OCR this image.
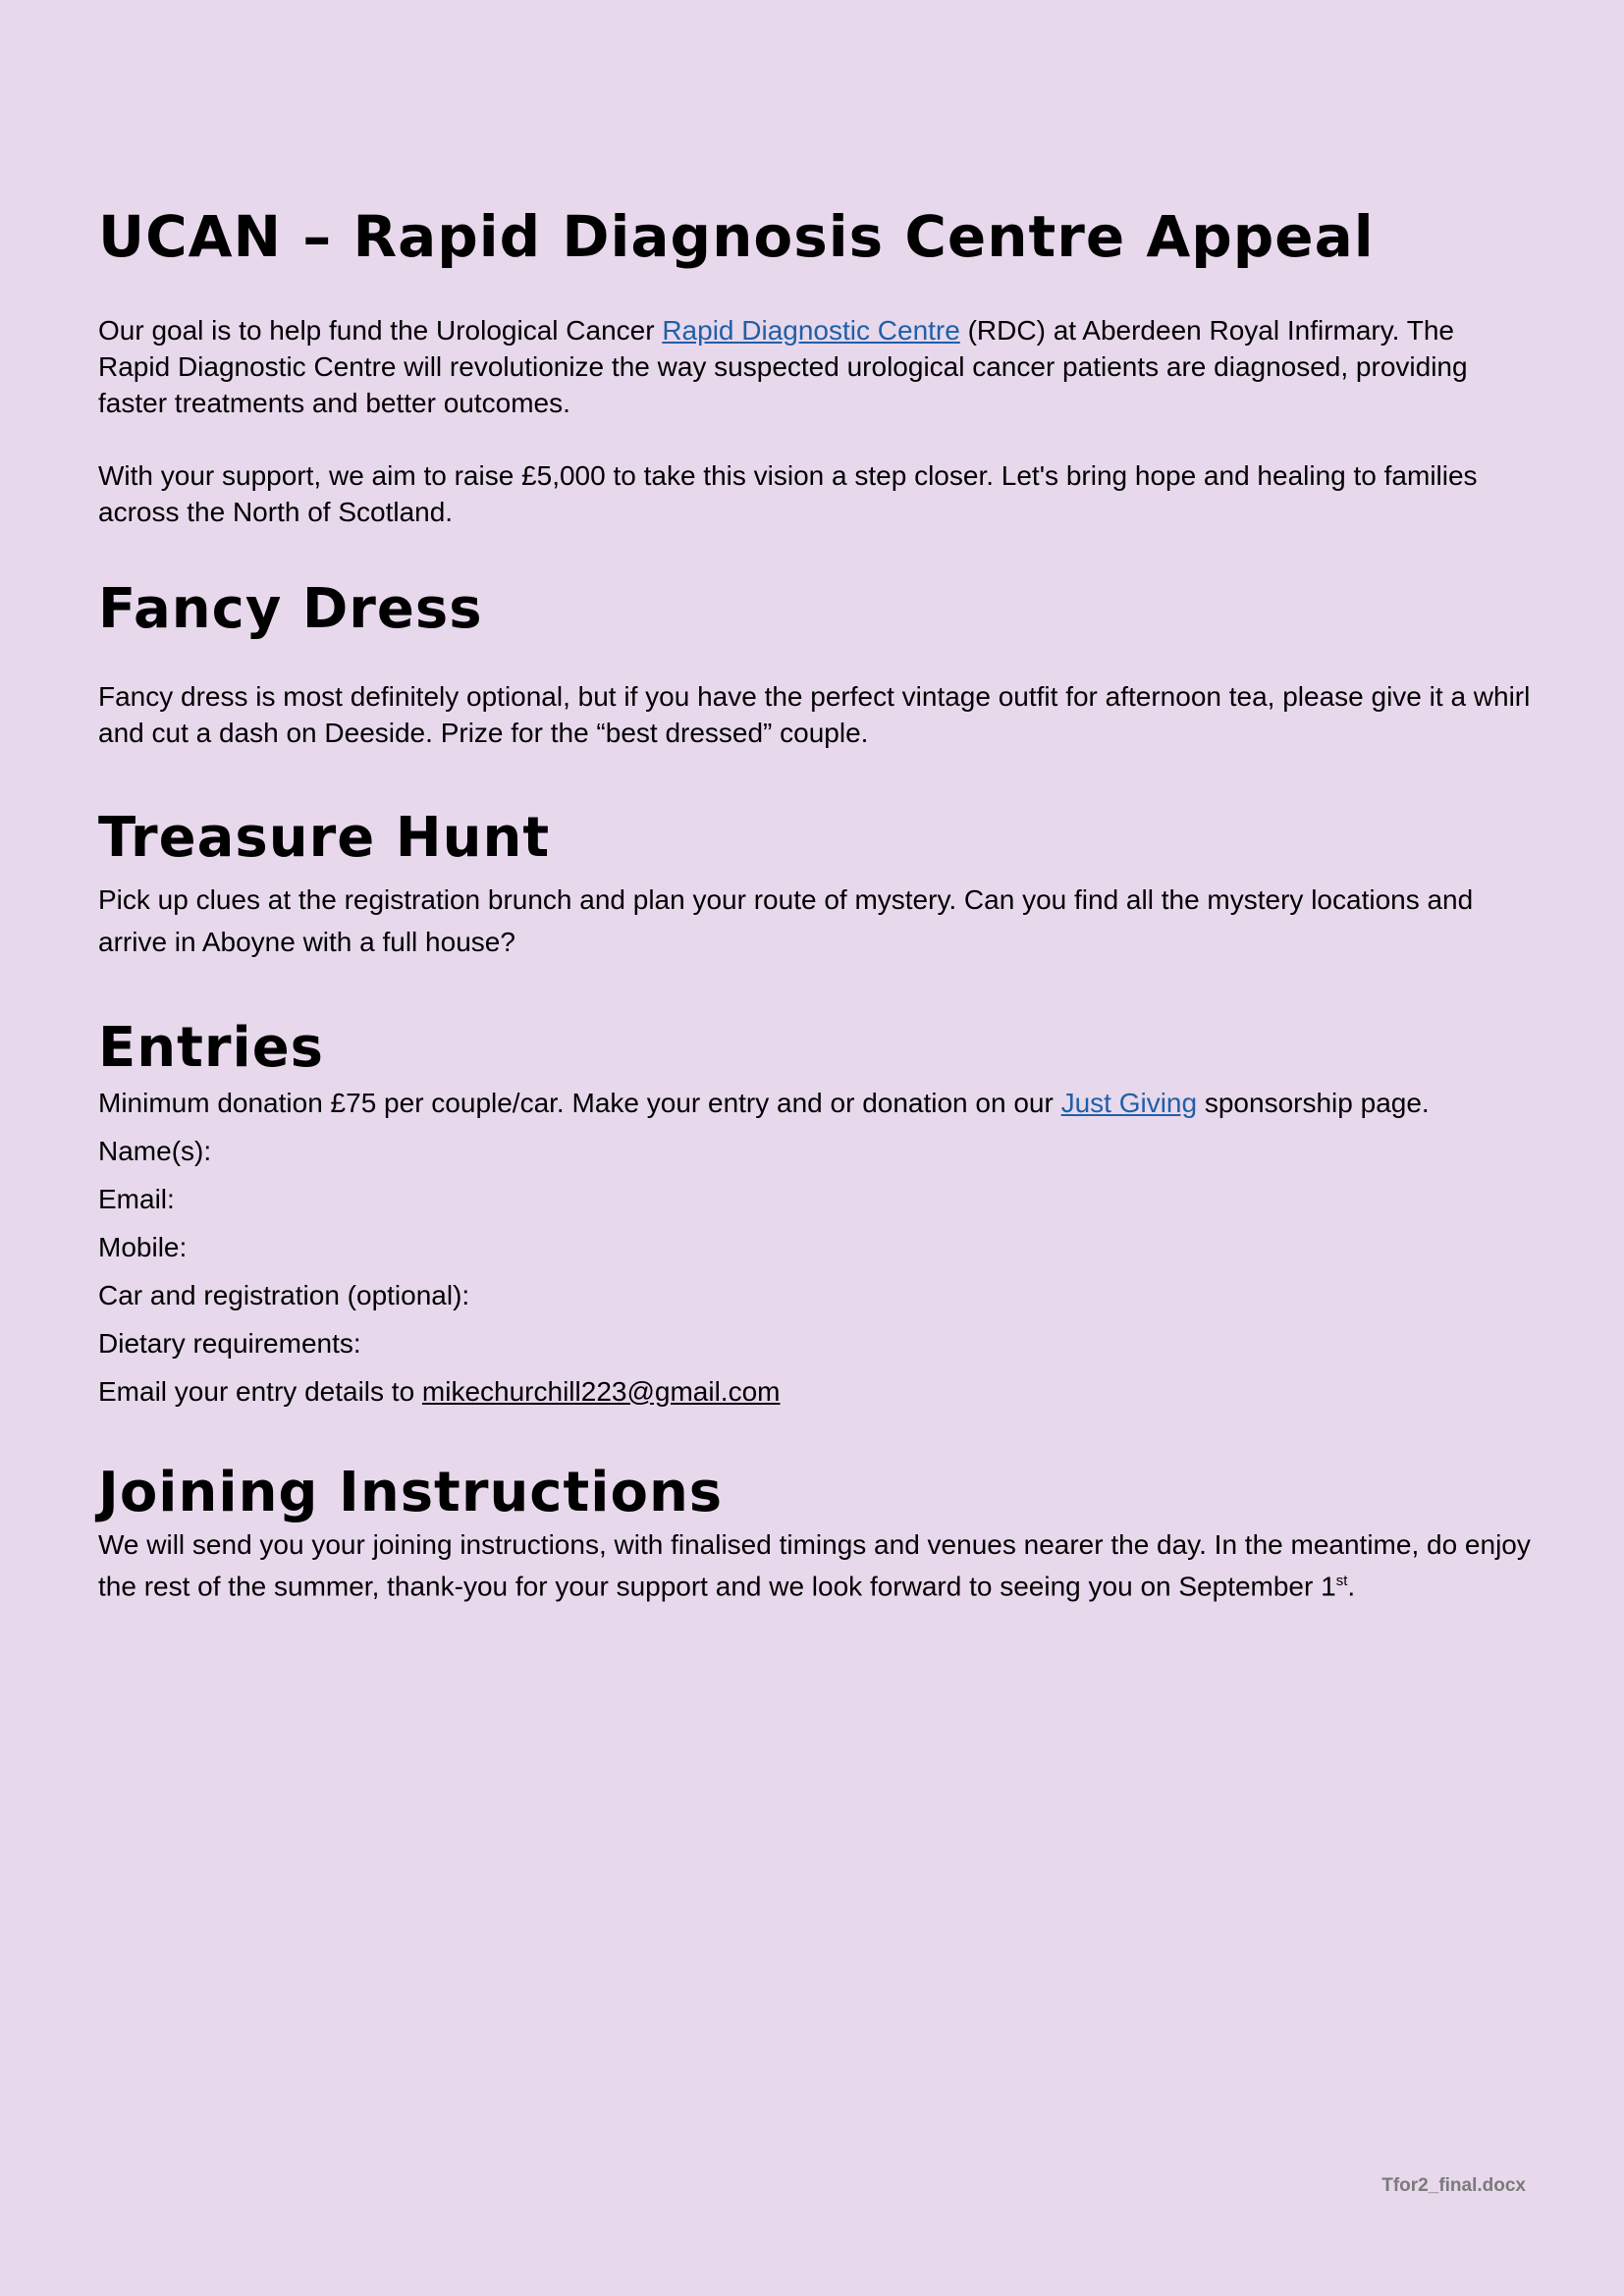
UCAN – Rapid Diagnosis Centre Appeal

Our goal is to help fund the Urological Cancer Rapid Diagnostic Centre (RDC) at Aberdeen Royal Infirmary. The Rapid Diagnostic Centre will revolutionize the way suspected urological cancer patients are diagnosed, providing faster treatments and better outcomes.

With your support, we aim to raise £5,000 to take this vision a step closer. Let's bring hope and healing to families across the North of Scotland.

Fancy Dress

Fancy dress is most definitely optional, but if you have the perfect vintage outfit for afternoon tea, please give it a whirl and cut a dash on Deeside. Prize for the “best dressed” couple.

Treasure Hunt

Pick up clues at the registration brunch and plan your route of mystery. Can you find all the mystery locations and arrive in Aboyne with a full house?

Entries

Minimum donation £75 per couple/car. Make your entry and or donation on our Just Giving sponsorship page.

Name(s):

Email:

Mobile:

Car and registration (optional):

Dietary requirements:

Email your entry details to mikechurchill223@gmail.com

Joining Instructions

We will send you your joining instructions, with finalised timings and venues nearer the day. In the meantime, do enjoy the rest of the summer, thank-you for your support and we look forward to seeing you on September 1st.

Tfor2_final.docx
